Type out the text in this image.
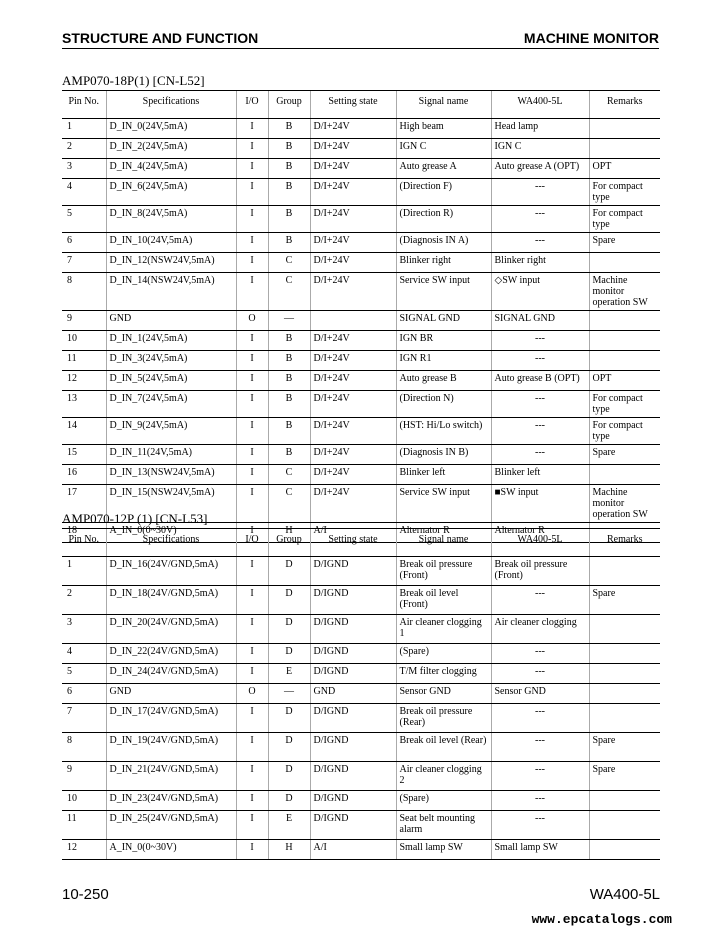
STRUCTURE AND FUNCTION	MACHINE MONITOR
AMP070-18P(1) [CN-L52]
Pin No.	Specifications	I/O	Group	Setting state	Signal name	WA400-5L	Remarks
1	D_IN_0(24V,5mA)	I	B	D/I+24V	High beam	Head lamp	
2	D_IN_2(24V,5mA)	I	B	D/I+24V	IGN C	IGN C	
3	D_IN_4(24V,5mA)	I	B	D/I+24V	Auto grease A	Auto grease A (OPT)	OPT
4	D_IN_6(24V,5mA)	I	B	D/I+24V	(Direction F)	---	For compact type
5	D_IN_8(24V,5mA)	I	B	D/I+24V	(Direction R)	---	For compact type
6	D_IN_10(24V,5mA)	I	B	D/I+24V	(Diagnosis IN A)	---	Spare
7	D_IN_12(NSW24V,5mA)	I	C	D/I+24V	Blinker right	Blinker right	
8	D_IN_14(NSW24V,5mA)	I	C	D/I+24V	Service SW input	◇SW input	Machine monitor operation SW
9	GND	O	—		SIGNAL GND	SIGNAL GND	
10	D_IN_1(24V,5mA)	I	B	D/I+24V	IGN BR	---	
11	D_IN_3(24V,5mA)	I	B	D/I+24V	IGN R1	---	
12	D_IN_5(24V,5mA)	I	B	D/I+24V	Auto grease B	Auto grease B (OPT)	OPT
13	D_IN_7(24V,5mA)	I	B	D/I+24V	(Direction N)	---	For compact type
14	D_IN_9(24V,5mA)	I	B	D/I+24V	(HST: Hi/Lo switch)	---	For compact type
15	D_IN_11(24V,5mA)	I	B	D/I+24V	(Diagnosis IN B)	---	Spare
16	D_IN_13(NSW24V,5mA)	I	C	D/I+24V	Blinker left	Blinker left	
17	D_IN_15(NSW24V,5mA)	I	C	D/I+24V	Service SW input	■SW input	Machine monitor operation SW
18	A_IN_0(0~30V)	I	H	A/I	Alternator R	Alternator R	
AMP070-12P (1) [CN-L53]
Pin No.	Specifications	I/O	Group	Setting state	Signal name	WA400-5L	Remarks
1	D_IN_16(24V/GND,5mA)	I	D	D/IGND	Break oil pressure (Front)	Break oil pressure (Front)	
2	D_IN_18(24V/GND,5mA)	I	D	D/IGND	Break oil level (Front)	---	Spare
3	D_IN_20(24V/GND,5mA)	I	D	D/IGND	Air cleaner clogging 1	Air cleaner clogging	
4	D_IN_22(24V/GND,5mA)	I	D	D/IGND	(Spare)	---	
5	D_IN_24(24V/GND,5mA)	I	E	D/IGND	T/M filter clogging	---	
6	GND	O	—	GND	Sensor GND	Sensor GND	
7	D_IN_17(24V/GND,5mA)	I	D	D/IGND	Break oil pressure (Rear)	---	
8	D_IN_19(24V/GND,5mA)	I	D	D/IGND	Break oil level (Rear)	---	Spare
9	D_IN_21(24V/GND,5mA)	I	D	D/IGND	Air cleaner clogging 2	---	Spare
10	D_IN_23(24V/GND,5mA)	I	D	D/IGND	(Spare)	---	
11	D_IN_25(24V/GND,5mA)	I	E	D/IGND	Seat belt mounting alarm	---	
12	A_IN_0(0~30V)	I	H	A/I	Small lamp SW	Small lamp SW	
10-250	WA400-5L
www.epcatalogs.com
